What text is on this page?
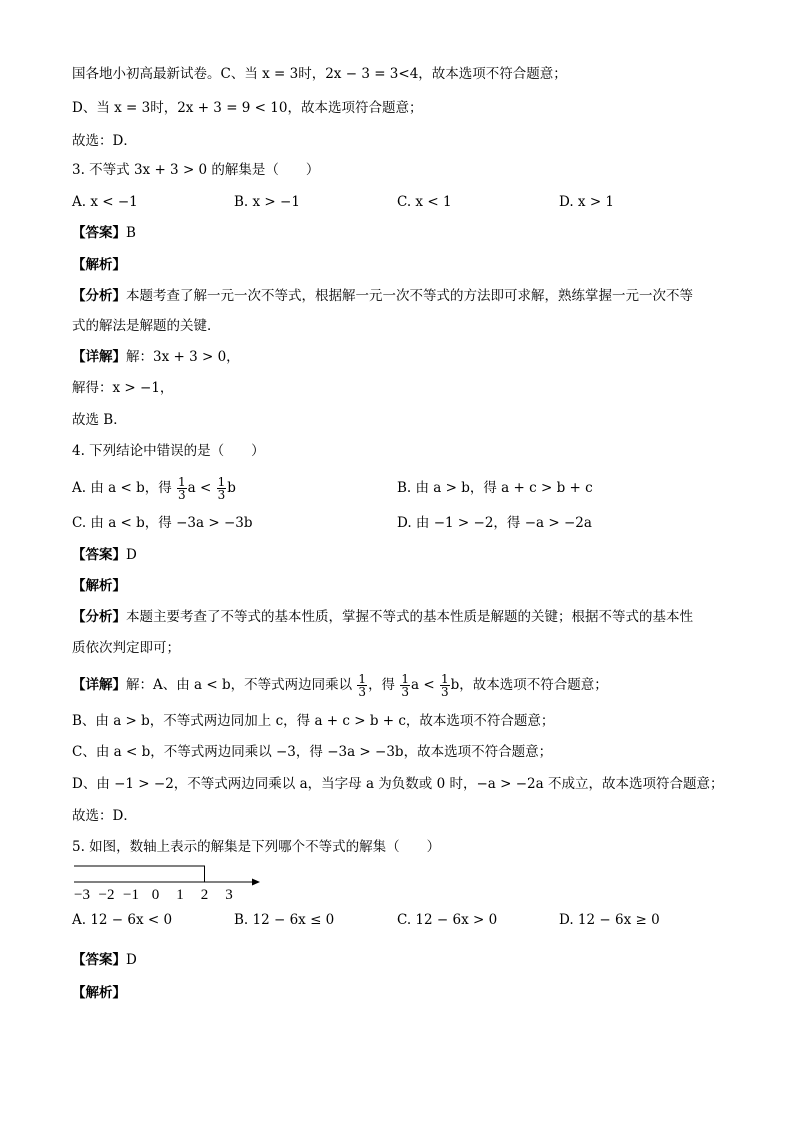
国各地小初高最新试卷。C、当 x = 3时，2x − 3 = 3<4，故本选项不符合题意；
D、当 x = 3时，2x + 3 = 9 < 10，故本选项符合题意；
故选：D．
3. 不等式 3x + 3 > 0 的解集是（　　）
A. x < −1	B. x > −1	C. x < 1	D. x > 1
【答案】B
【解析】
【分析】本题考查了解一元一次不等式，根据解一元一次不等式的方法即可求解，熟练掌握一元一次不等
式的解法是解题的关键．
【详解】解：3x + 3 > 0，
解得：x > −1，
故选 B．
4. 下列结论中错误的是（　　）
A. 由 a < b，得 $\frac{1}{3}$ $a < \frac{1}{3}$ b	B. 由 a > b，得 a + c > b + c
C. 由 a < b，得 −3a > −3b	D. 由 −1 > −2，得 −a > −2a
【答案】D
【解析】
【分析】本题主要考查了不等式的基本性质，掌握不等式的基本性质是解题的关键；根据不等式的基本性
质依次判定即可；
【详解】解：A、由 a < b，不等式两边同乘以 $\frac{1}{3}$ ，得 $\frac{1}{3}$ $a < \frac{1}{3}$ b，故本选项不符合题意；
B、由 a > b，不等式两边同加上 c，得 a + c > b + c，故本选项不符合题意；
C、由 a < b，不等式两边同乘以 −3，得 −3a > −3b，故本选项不符合题意；
D、由 −1 > −2，不等式两边同乘以 a，当字母 a 为负数或 0 时，−a > −2a 不成立，故本选项符合题意；
故选：D．
5. 如图，数轴上表示的解集是下列哪个不等式的解集（　　）
−3 −2 −1 0 1 2 3
A. 12 − 6x < 0	B. 12 − 6x ≤ 0	C. 12 − 6x > 0	D. 12 − 6x ≥ 0
【答案】D
【解析】
